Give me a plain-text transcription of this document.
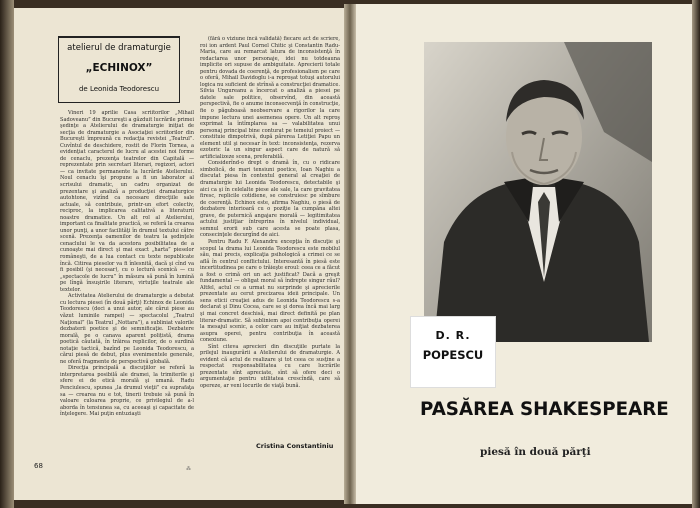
atelierul de dramaturgie
„ECHINOX”
de Leonida Teodorescu

Vineri 19 aprilie Casa scriitorilor „Mihail Sadoveanu” din Bucureşti a găzduit lucrările primei şedinţe a Atelierului de dramaturgie iniţiat de secţia de dramaturgie a Asociaţiei scriitorilor din Bucureşti împreună cu redacţia revistei „Teatrul”. Cuvîntul de deschidere, rostit de Florin Tornea, a evidenţiat caracterul de lucru al acestei noi forme de cenaclu, prezenţa teatrelor din Capitală — reprezentate prin secretari literari, regizori, actori — ca invitate permanente la lucrările Atelierului. Noul cenaclu îşi propune a fi un laborator al scrisului dramatic, un cadru organizat de prezentare şi analiză a producţiei dramaturgice autohtone, vizînd ca necesare direcţiile sale actuale, să contribuie, printr-un efort colectiv, reciproc, la implicarea calitativă a literaturii noastre dramatice. Un alt rol al Atelierului, important ca finalitate practică, se referă la crearea unor punţi, a unor facilităţi în drumul textului către scenă. Prezenţa oamenilor de teatru la şedinţele cenaclului le va da acestora posibilitatea de a cunoaşte mai direct şi mai exact „harta” pieselor româneşti, de a lua contact cu texte nepublicate încă. Citirea pieselor va fi înlesnită, dacă şi cînd va fi posibil (şi necesar), cu o lectură scenică — cu „spectacole de lucru” în măsura să pună în lumină pe lîngă însuşirile literare, virtuţile teatrale ale textelor.

Activitatea Atelierului de dramaturgie a debutat cu lectura piesei (în două părţi) Echinox de Leonida Teodorescu (deci a unui autor, ale cărui piese au văzut luminile rampei) — spectacolul „Teatrul Naţional” (la Teatrul „Nottara”), a subliniat valorile dezbaterii poetice şi de semnificaţie. Dezbatere morală, pe o canava aparent polițistă, drama poetică căutată, în trăirea replicilor, de o surdină notaţie tactică, bazînd pe Leonida Teodorescu, a cărui piesă de debut, plus evenimentele generale, ne oferă fragmente de perspectivă globală.

Direcţia principală a discuţiilor se referă la interpretarea posibilă ale dramei, la trimiterile şi sfere ei de etică morală şi umană. Radu Penciulescu, spunea „la drumul vieţii” cu suprafaţa sa — crearea nu e tot, tinerii trebuie să pună în valoare culoarea proprie, ce privilegiul de a-l aborda în tensiunea sa, cu aceeaşi şi capacitate de înţelegere. Mai puţin entuziaşti

(fără o viziune încă validată) fiecare act de scriere, roi ion ardent Paul Cornel Chitic şi Constantin Radu-Maria, care au remarcat latura de inconsistenţă în redactarea unor personaje, idei nu totdeauna implicite ori supuse de ambiguitate. Aprecierii totale pentru dovada de coerenţă, de profesionalism pe care o oferă, Mihail Davidoglu i-a reproşat totuşi autorului logica nu suficient de strînsă a construcţiei dramatice. Silvia Ungureanu a încercat o analiză a piesei pe datele sale politice, observînd, din această perspectivă, fie o anume inconsecvenţă în construcţie, fie o păguboasă neobservare a rigorilor la care impune lectura unei asemenea opere. Un alt reproş exprimat la întîmplarea sa — valabilitatea unui personaj principal bine conturat pe temeiul proiect — constituie dimpotrivă, după părerea Letiţiei Papu un element util şi necesar în text: inconsistenţa, rezerva ezoteric la un singur aspect care de natură să artificializeze scena, preferabilă.

Considerînd-o drept o dramă în, cu o ridicare simbolică, de mari tensiuni poetice, Ioan Naghiu a discutat piesa în contextul general al creaţiei de dramaturgie lui Leonida Teodorescu, detectabile şi aici ca şi în celelalte piese ale sale, la care gravitatea firesc, replicile cotidiene, se construiesc pe sîmbure de coerenţă. Echinox este, afirma Naghiu, o piesă de dezbatere interioară cu o poziţie la cumpăna altei grave, de puternică angajare morală — legitimitatea actului justiţiar întreprins în nivelul individual, semnul erorii sub care acesta se poate plasa, consecinţele decurgînd de aici.

Pentru Radu F. Alexandru excepţia în discuţie şi scopul la drama lui Leonida Teodorescu este mobilul său, mai precis, explicaţia psihologică a crimei ce se află în centrul conflictului. Interesantă în piesă este incertitudinea pe care o trăieşte eroul: ceea ce a făcut a fost o crimă ori un act justificat? Dacă a greşit fundamental — obligat moral să îndrepte singur răul? Altfel, actul ce a urmat nu surprinde şi aprecierile prezentate au cerut precizarea ideii principale. Un sens eticii creaţiei adus de Leonida Teodorescu s-a declarat şi Dinu Cocea, care se şi dorea încă mai larg şi mai concret deschisă, mai direct definită pe plan literar-dramatic. Să subliniem apoi contribuţia operei la mesajul scenic, a celor care au iniţiat dezbaterea asupra operei, pentru contribuţia în această conexiune.

Sînt citeva aprecieri din discuţiile purtate la prilejul inaugurării a Atelierului de dramaturgie. A evident că actul de realizare şi tot ceea ce susţine a respectat responsabilitatea cu care lucrările prezentate sînt apreciate, sînt să ofere deci o argumentaţie pentru utilitatea crescîndă, care să opereze, ar veni locurile de viaţă bună.

Cristina Constantiniu
68	⁂
D. R.
POPESCU
PASĂREA SHAKESPEARE
piesă în două părţi
